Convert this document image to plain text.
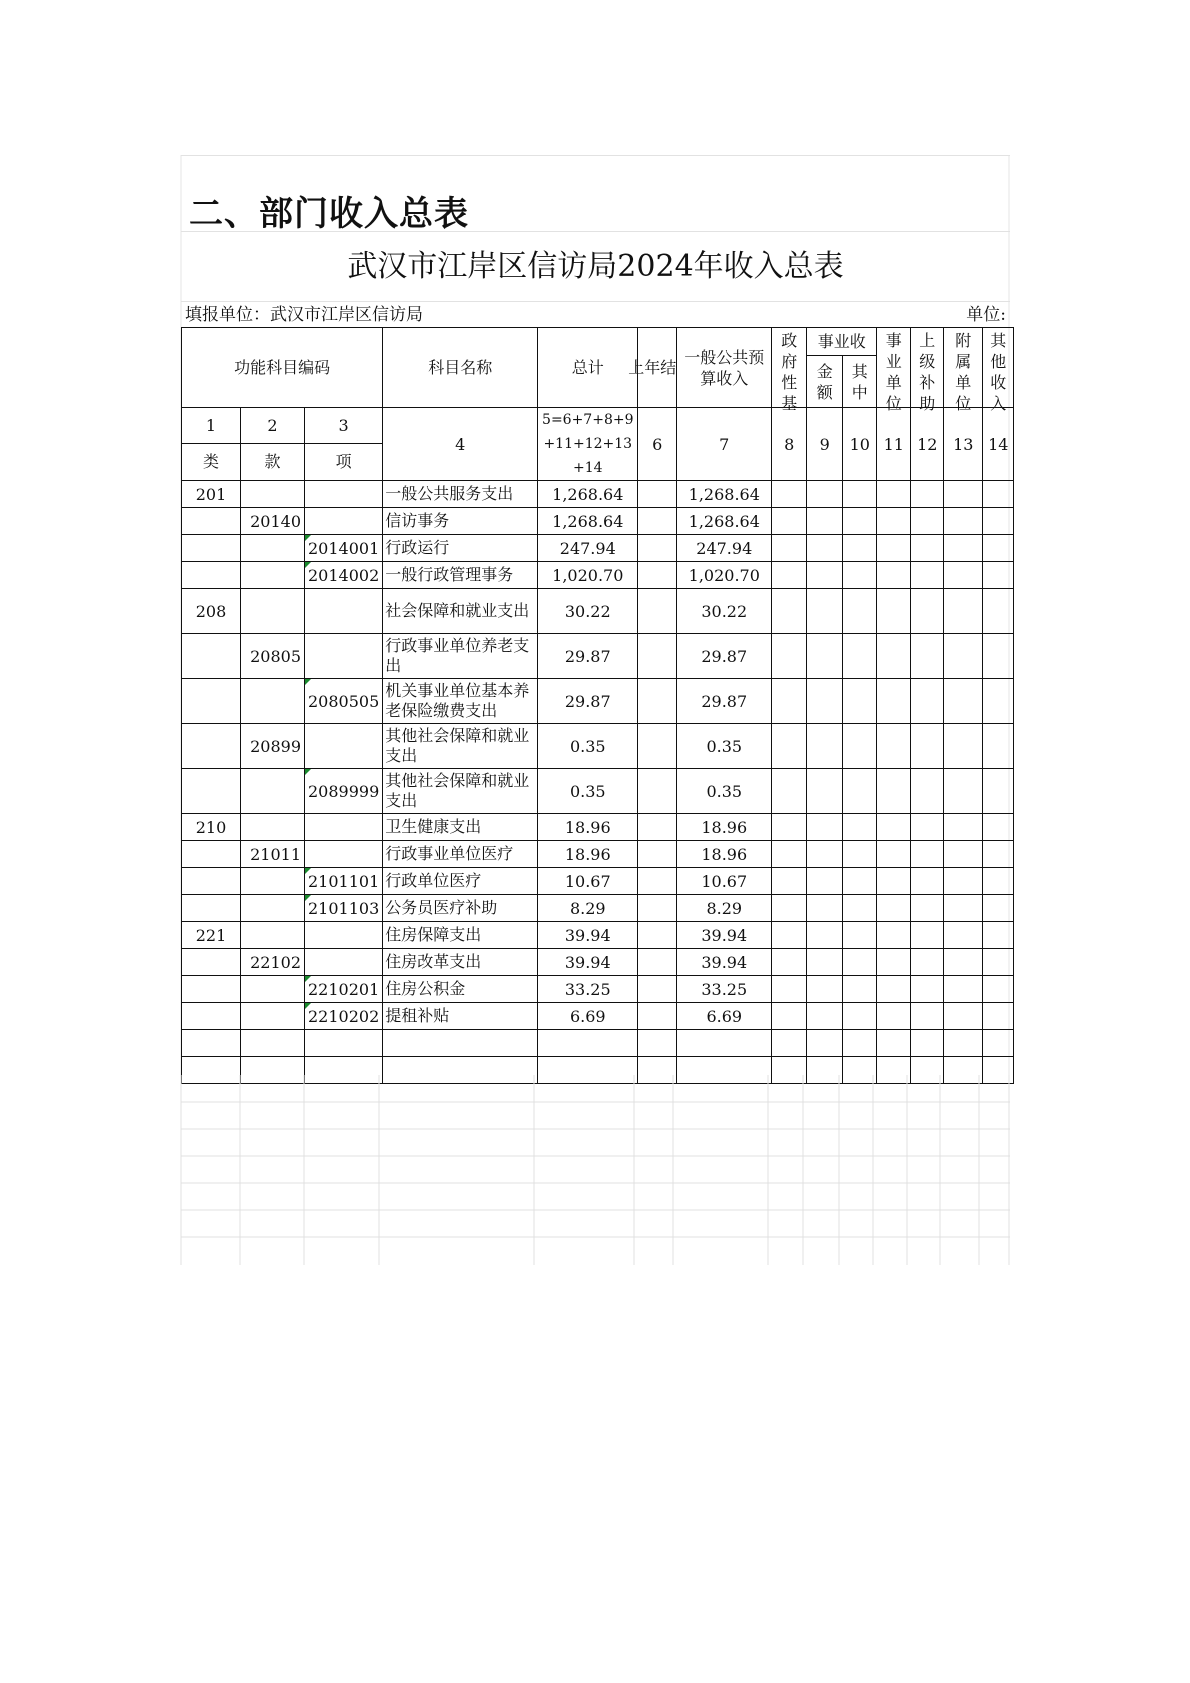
二、部门收入总表
武汉市江岸区信访局2024年收入总表
填报单位：武汉市江岸区信访局	单位:
功能科目编码			科目名称	总计	上年结	一般公共预算收入	政府性基	事业收		事业单位	上级补助	附属单位	其他收入

								金额	其中				

1	2	3	4	5=6+7+8+9+11+12+13+14	6	7	8	9	10	11	12	13	14
类	款	项											
201			一般公共服务支出	1,268.64		1,268.64							
	20140		信访事务	1,268.64		1,268.64							
		2014001	行政运行	247.94		247.94							
		2014002	一般行政管理事务	1,020.70		1,020.70							
208			社会保障和就业支出	30.22		30.22							
	20805		行政事业单位养老支出	29.87		29.87							
		2080505	机关事业单位基本养老保险缴费支出	29.87		29.87							
	20899		其他社会保障和就业支出	0.35		0.35							
		2089999	其他社会保障和就业支出	0.35		0.35							
210			卫生健康支出	18.96		18.96							
	21011		行政事业单位医疗	18.96		18.96							
		2101101	行政单位医疗	10.67		10.67							
		2101103	公务员医疗补助	8.29		8.29							
221			住房保障支出	39.94		39.94							
	22102		住房改革支出	39.94		39.94							
		2210201	住房公积金	33.25		33.25							
		2210202	提租补贴	6.69		6.69							
